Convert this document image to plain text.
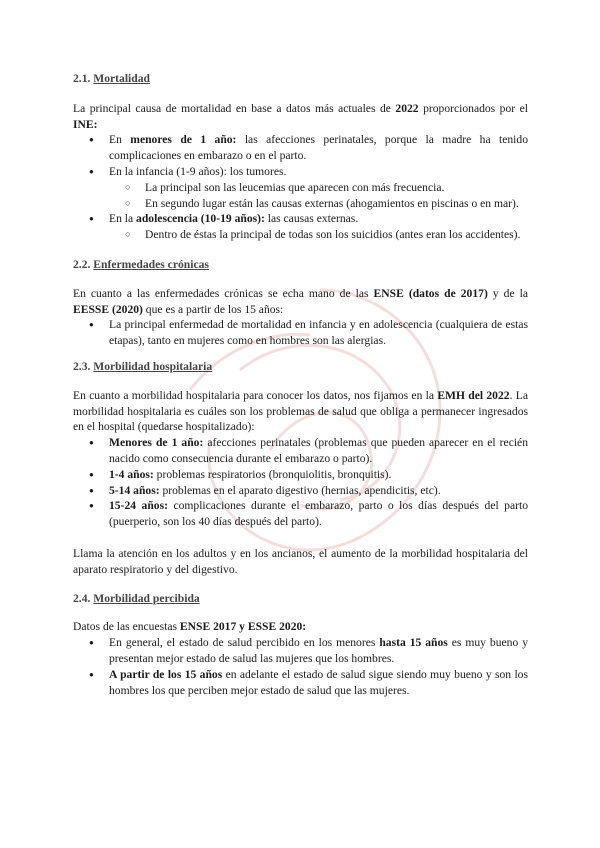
2.1. Mortalidad

La principal causa de mortalidad en base a datos más actuales de 2022 proporcionados por el INE:

● En menores de 1 año: las afecciones perinatales, porque la madre ha tenido complicaciones en embarazo o en el parto.
● En la infancia (1-9 años): los tumores.
○ La principal son las leucemias que aparecen con más frecuencia.
○ En segundo lugar están las causas externas (ahogamientos en piscinas o en mar).
● En la adolescencia (10-19 años): las causas externas.
○ Dentro de éstas la principal de todas son los suicidios (antes eran los accidentes).
2.2. Enfermedades crónicas

En cuanto a las enfermedades crónicas se echa mano de las ENSE (datos de 2017) y de la EESSE (2020) que es a partir de los 15 años:

● La principal enfermedad de mortalidad en infancia y en adolescencia (cualquiera de estas etapas), tanto en mujeres como en hombres son las alergias.
2.3. Morbilidad hospitalaria

En cuanto a morbilidad hospitalaria para conocer los datos, nos fijamos en la EMH del 2022. La morbilidad hospitalaria es cuáles son los problemas de salud que obliga a permanecer ingresados en el hospital (quedarse hospitalizado):

● Menores de 1 año: afecciones perinatales (problemas que pueden aparecer en el recién nacido como consecuencia durante el embarazo o parto).
● 1-4 años: problemas respiratorios (bronquiolitis, bronquitis).
● 5-14 años: problemas en el aparato digestivo (hernias, apendicitis, etc).
● 15-24 años: complicaciones durante el embarazo, parto o los días después del parto (puerperio, son los 40 días después del parto).

Llama la atención en los adultos y en los ancianos, el aumento de la morbilidad hospitalaria del aparato respiratorio y del digestivo.

2.4. Morbilidad percibida

Datos de las encuestas ENSE 2017 y ESSE 2020:

● En general, el estado de salud percibido en los menores hasta 15 años es muy bueno y presentan mejor estado de salud las mujeres que los hombres.
● A partir de los 15 años en adelante el estado de salud sigue siendo muy bueno y son los hombres los que perciben mejor estado de salud que las mujeres.
